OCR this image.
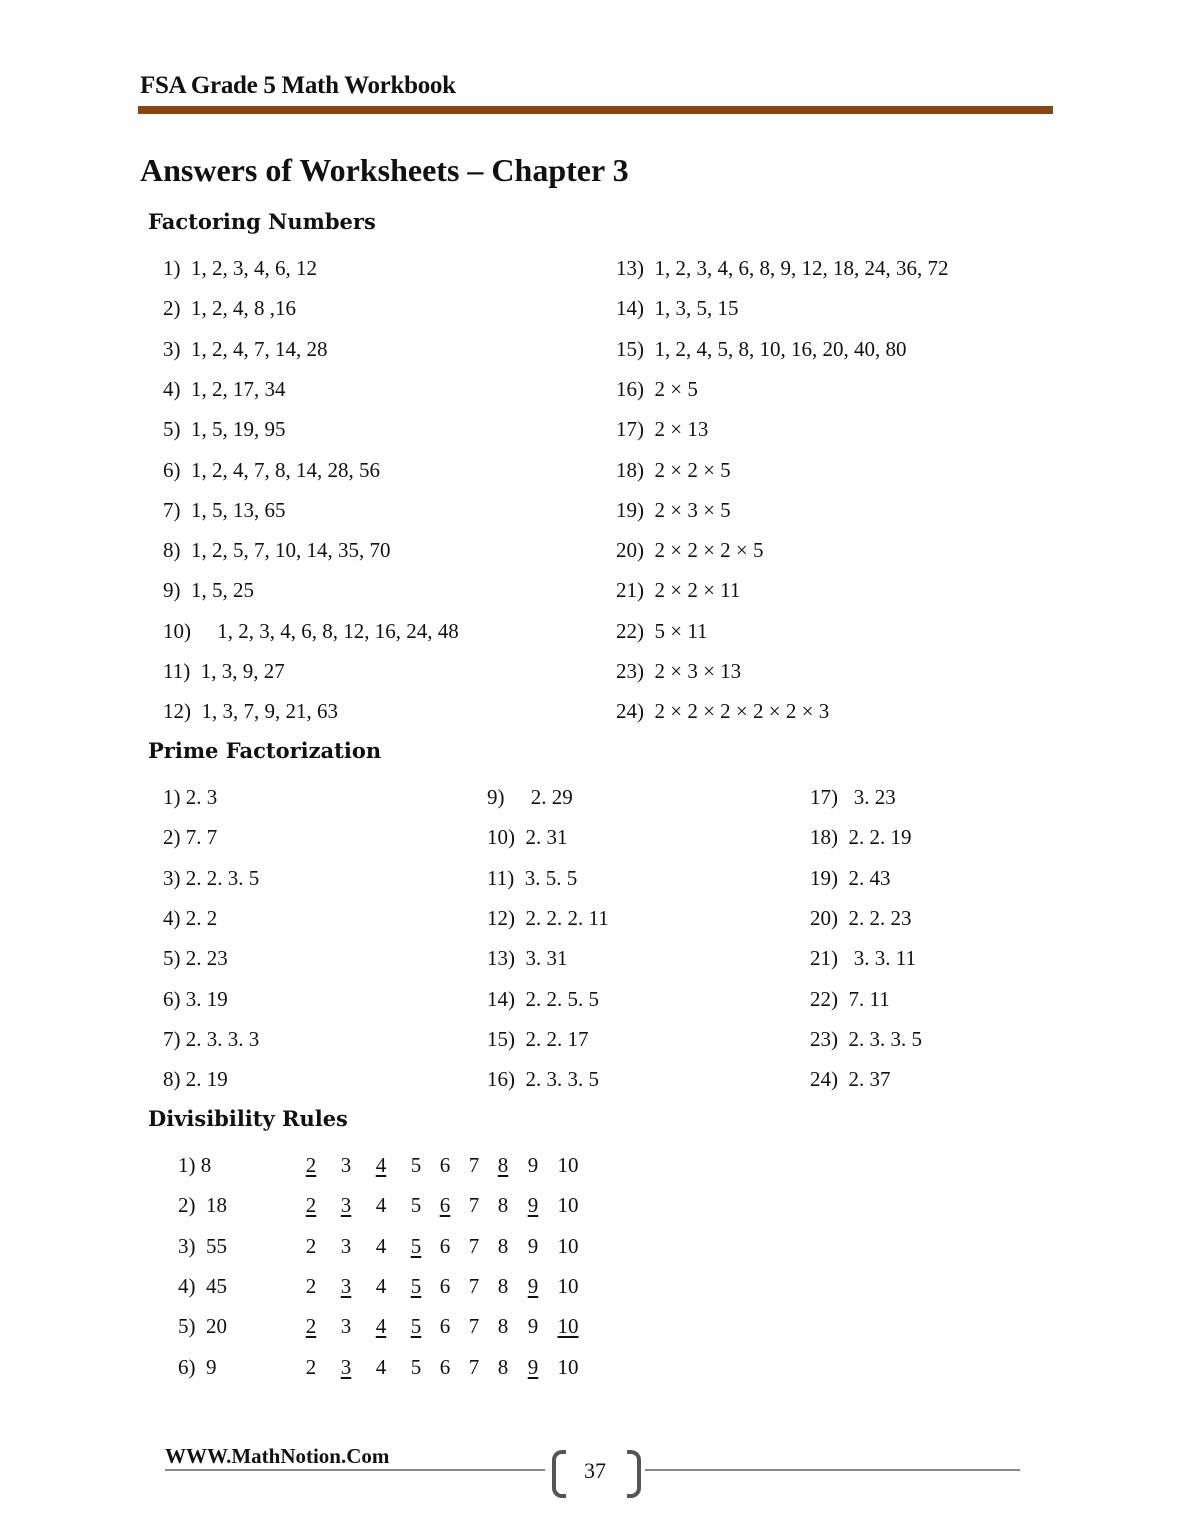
FSA Grade 5 Math Workbook
Answers of Worksheets – Chapter 3
Factoring Numbers
1)  1, 2, 3, 4, 6, 12
2)  1, 2, 4, 8 ,16
3)  1, 2, 4, 7, 14, 28
4)  1, 2, 17, 34
5)  1, 5, 19, 95
6)  1, 2, 4, 7, 8, 14, 28, 56
7)  1, 5, 13, 65
8)  1, 2, 5, 7, 10, 14, 35, 70
9)  1, 5, 25
10)     1, 2, 3, 4, 6, 8, 12, 16, 24, 48
11)  1, 3, 9, 27
12)  1, 3, 7, 9, 21, 63
13)  1, 2, 3, 4, 6, 8, 9, 12, 18, 24, 36, 72
14)  1, 3, 5, 15
15)  1, 2, 4, 5, 8, 10, 16, 20, 40, 80
16)  2 × 5
17)  2 × 13
18)  2 × 2 × 5
19)  2 × 3 × 5
20)  2 × 2 × 2 × 5
21)  2 × 2 × 11
22)  5 × 11
23)  2 × 3 × 13
24)  2 × 2 × 2 × 2 × 2 × 3
Prime Factorization
1) 2. 3
2) 7. 7
3) 2. 2. 3. 5
4) 2. 2
5) 2. 23
6) 3. 19
7) 2. 3. 3. 3
8) 2. 19
9)     2. 29
10)  2. 31
11)  3. 5. 5
12)  2. 2. 2. 11
13)  3. 31
14)  2. 2. 5. 5
15)  2. 2. 17
16)  2. 3. 3. 5
17)   3. 23
18)  2. 2. 19
19)  2. 43
20)  2. 2. 23
21)   3. 3. 11
22)  7. 11
23)  2. 3. 3. 5
24)  2. 37
Divisibility Rules
1) 8	2	3	4	5 6 7 8 9 10
2)  18	2	3	4	5 6 7 8 9 10
3)  55	2	3	4	5 6 7 8 9 10
4)  45	2	3	4	5 6 7 8 9 10
5)  20	2	3	4	5 6 7 8 9 10
6)  9	2	3	4	5 6 7 8 9 10
WWW.MathNotion.Com
37
